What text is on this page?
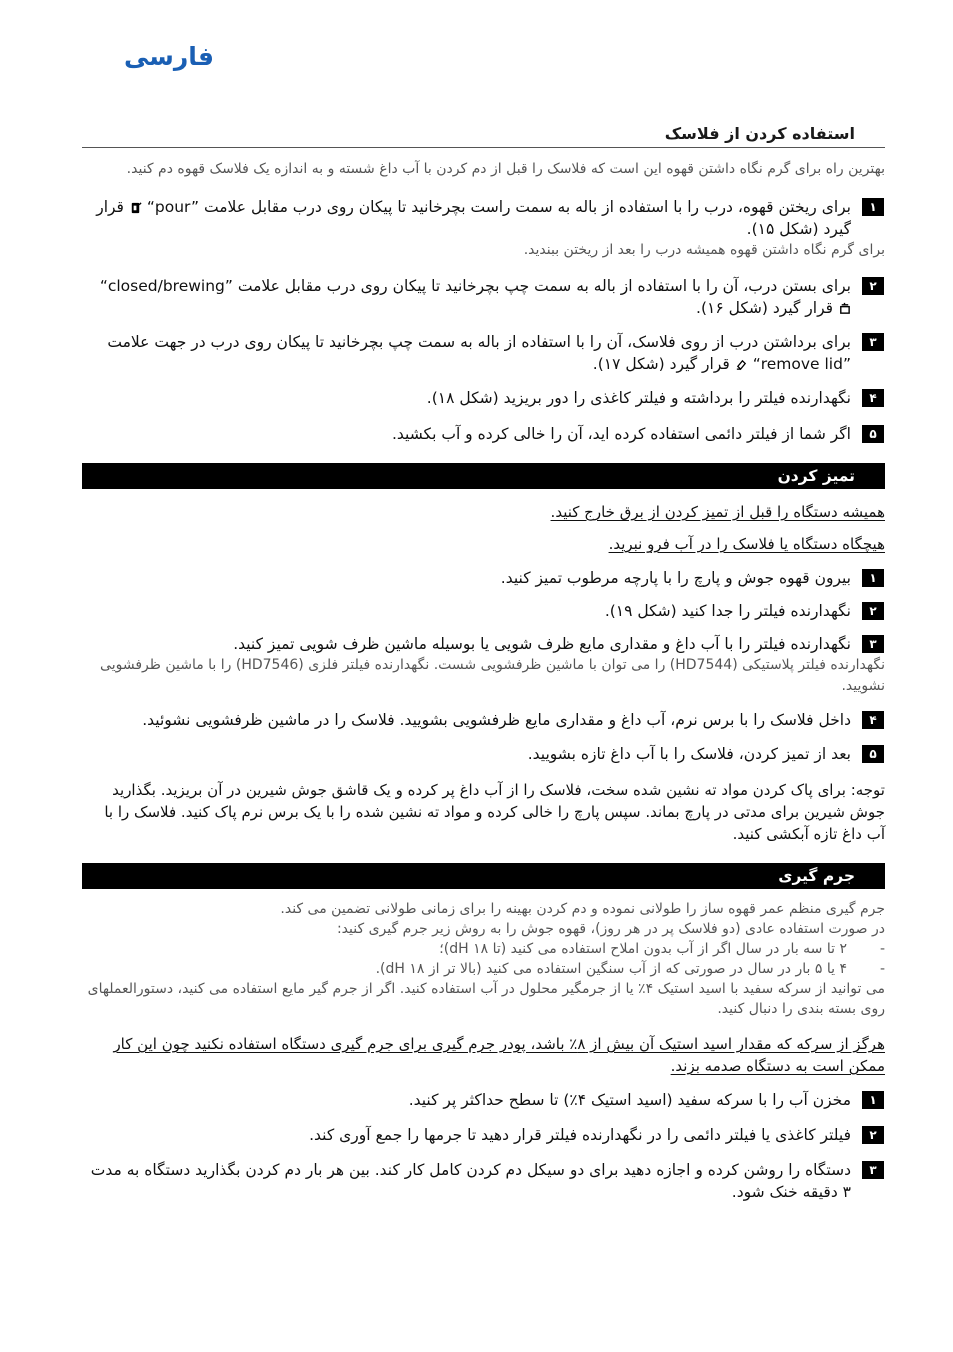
فارسی
استفاده کردن از فلاسک

بهترین راه برای گرم نگاه داشتن قهوه این است که فلاسک را قبل از دم کردن با آب داغ شسته و به اندازه یک فلاسک قهوه دم کنید.

۱
برای ریختن قهوه، درب را با استفاده از باله به سمت راست بچرخانید تا پیکان روی درب مقابل علامت “pour”  قرار گیرد (شکل ۱۵).
برای گرم نگاه داشتن قهوه همیشه درب را بعد از ریختن ببندید.
۲
برای بستن درب، آن را با استفاده از باله به سمت چپ بچرخانید تا پیکان روی درب مقابل علامت “closed/brewing”  قرار گیرد (شکل ۱۶).
۳
برای برداشتن درب از روی فلاسک، آن را با استفاده از باله به سمت چپ بچرخانید تا پیکان روی درب در جهت علامت “remove lid”  قرار گیرد (شکل ۱۷).
۴
نگهدارنده فیلتر را برداشته و فیلتر کاغذی را دور بریزید (شکل ۱۸).
۵
اگر شما از فیلتر دائمی استفاده کرده اید، آن را خالی کرده و آب بکشید.
تمیز کردن

همیشه دستگاه را قبل از تمیز کردن از برق خارج کنید.

هیچگاه دستگاه یا فلاسک را در آب فرو نبرید.

۱
بیرون قهوه جوش و پارچ را با پارچه مرطوب تمیز کنید.
۲
نگهدارنده فیلتر را جدا کنید (شکل ۱۹).
۳
نگهدارنده فیلتر را با آب داغ و مقداری مایع ظرف شویی یا بوسیله ماشین ظرف شویی تمیز کنید.
نگهدارنده فیلتر پلاستیکی (HD7544) را می توان با ماشین ظرفشویی شست. نگهدارنده فیلتر فلزی (HD7546) را با ماشین ظرفشویی نشویید.
۴
داخل فلاسک را با برس نرم، آب داغ و مقداری مایع ظرفشویی بشویید. فلاسک را در ماشین ظرفشویی نشوئید.
۵
بعد از تمیز کردن، فلاسک را با آب داغ تازه بشویید.

توجه: برای پاک کردن مواد ته نشین شده سخت، فلاسک را از آب داغ پر کرده و یک قاشق جوش شیرین در آن بریزید. بگذارید جوش شیرین برای مدتی در پارچ بماند. سپس پارچ را خالی کرده و مواد ته نشین شده را با یک برس نرم پاک کنید. فلاسک را با آب داغ تازه آبکشی کنید.

جرم گیری
جرم گیری منظم عمر قهوه ساز را طولانی نموده و دم کردن بهینه را برای زمانی طولانی تضمین می کند.
در صورت استفاده عادی (دو فلاسک پر در هر روز)، قهوه جوش را به روش زیر جرم گیری کنید:
-۲ تا سه بار در سال اگر از آب بدون املاح استفاده می کنید (تا ۱۸ dH)؛
-۴ یا ۵ بار در سال در صورتی که از آب سنگین استفاده می کنید (بالا تر از ۱۸ dH).
می توانید از سرکه سفید با اسید استیک ۴٪ یا از جرمگیر محلول در آب استفاده کنید. اگر از جرم گیر مایع استفاده می کنید، دستورالعملهای روی بسته بندی را دنبال کنید.

هرگز از سرکه که مقدار اسید استیک آن بیش از ۸٪ باشد، پودر جرم گیری برای جرم گیری دستگاه استفاده نکنید چون این کار ممکن است به دستگاه صدمه بزند.

۱
مخزن آب را با سرکه سفید (اسید استیک ۴٪) تا سطح حداکثر پر کنید.
۲
فیلتر کاغذی یا فیلتر دائمی را در نگهدارنده فیلتر قرار دهید تا جرمها را جمع آوری کند.
۳
دستگاه را روشن کرده و اجازه دهید برای دو سیکل دم کردن کامل کار کند. بین هر بار دم کردن بگذارید دستگاه به مدت ۳ دقیقه خنک شود.
